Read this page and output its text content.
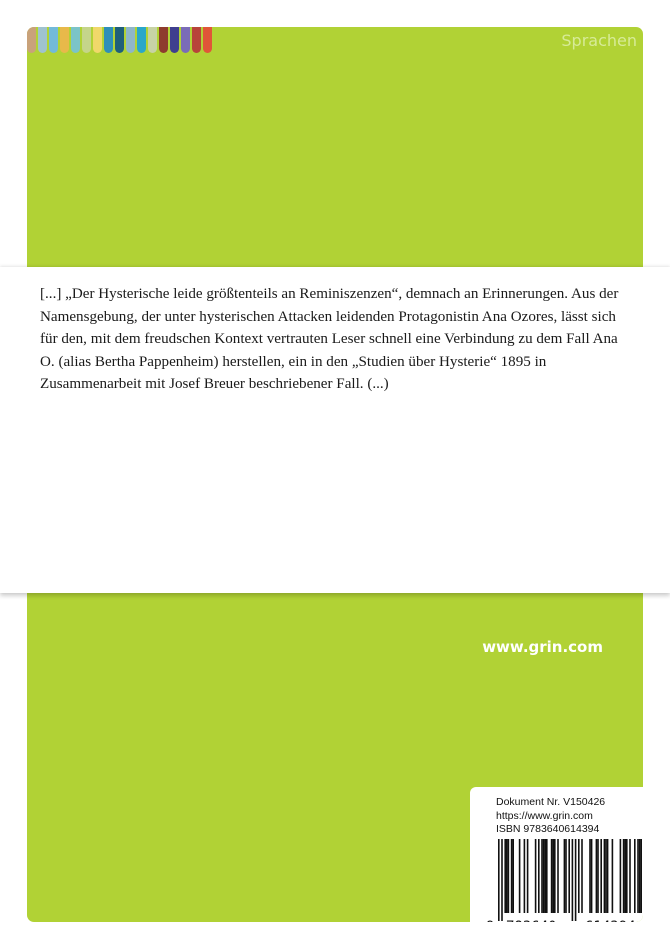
Sprachen
www.grin.com
Dokument Nr. V150426
https://www.grin.com
ISBN 9783640614394
9 783640 614394

[...] „Der Hysterische leide größtenteils an Reminiszenzen“, demnach an Erinnerungen. Aus der Namensgebung, der unter hysterischen Attacken leidenden Protagonistin Ana Ozores, lässt sich für den, mit dem freudschen Kontext vertrauten Leser schnell eine Verbindung zu dem Fall Ana O. (alias Bertha Pappenheim) herstellen, ein in den „Studien über Hysterie“ 1895 in Zusammenarbeit mit Josef Breuer beschriebener Fall. (...)
